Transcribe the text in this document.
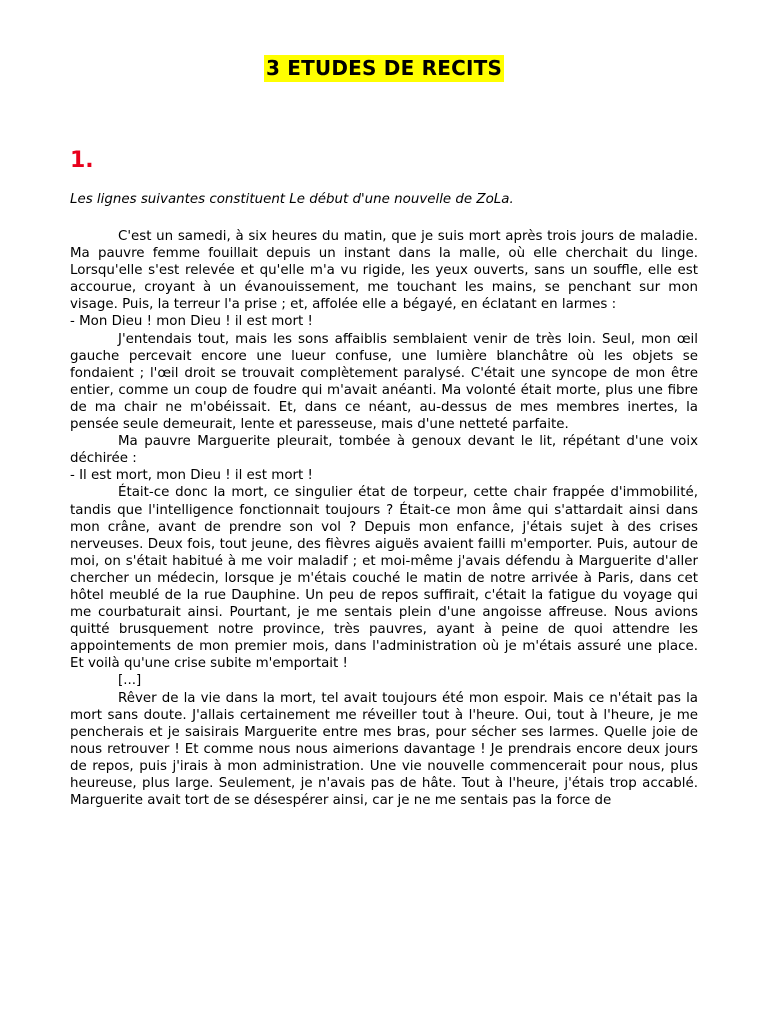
3 ETUDES DE RECITS
1.
Les lignes suivantes constituent Le début d'une nouvelle de ZoLa.

C'est un samedi, à six heures du matin, que je suis mort après trois jours de maladie. Ma pauvre femme fouillait depuis un instant dans la malle, où elle cherchait du linge. Lorsqu'elle s'est relevée et qu'elle m'a vu rigide, les yeux ouverts, sans un souffle, elle est accourue, croyant à un évanouissement, me touchant les mains, se penchant sur mon visage. Puis, la terreur l'a prise ; et, affolée elle a bégayé, en éclatant en larmes :

- Mon Dieu ! mon Dieu ! il est mort !

J'entendais tout, mais les sons affaiblis semblaient venir de très loin. Seul, mon œil gauche percevait encore une lueur confuse, une lumière blanchâtre où les objets se fondaient ; l'œil droit se trouvait complètement paralysé. C'était une syncope de mon être entier, comme un coup de foudre qui m'avait anéanti. Ma volonté était morte, plus une fibre de ma chair ne m'obéissait. Et, dans ce néant, au-dessus de mes membres inertes, la pensée seule demeurait, lente et paresseuse, mais d'une netteté parfaite.

Ma pauvre Marguerite pleurait, tombée à genoux devant le lit, répétant d'une voix déchirée :

- Il est mort, mon Dieu ! il est mort !

Était-ce donc la mort, ce singulier état de torpeur, cette chair frappée d'immobilité, tandis que l'intelligence fonctionnait toujours ? Était-ce mon âme qui s'attardait ainsi dans mon crâne, avant de prendre son vol ? Depuis mon enfance, j'étais sujet à des crises nerveuses. Deux fois, tout jeune, des fièvres aiguës avaient failli m'emporter. Puis, autour de moi, on s'était habitué à me voir maladif ; et moi-même j'avais défendu à Marguerite d'aller chercher un médecin, lorsque je m'étais couché le matin de notre arrivée à Paris, dans cet hôtel meublé de la rue Dauphine. Un peu de repos suffirait, c'était la fatigue du voyage qui me courbaturait ainsi. Pourtant, je me sentais plein d'une angoisse affreuse. Nous avions quitté brusquement notre province, très pauvres, ayant à peine de quoi attendre les appointements de mon premier mois, dans l'administration où je m'étais assuré une place. Et voilà qu'une crise subite m'emportait !

[...]

Rêver de la vie dans la mort, tel avait toujours été mon espoir. Mais ce n'était pas la mort sans doute. J'allais certainement me réveiller tout à l'heure. Oui, tout à l'heure, je me pencherais et je saisirais Marguerite entre mes bras, pour sécher ses larmes. Quelle joie de nous retrouver ! Et comme nous nous aimerions davantage ! Je prendrais encore deux jours de repos, puis j'irais à mon administration. Une vie nouvelle commencerait pour nous, plus heureuse, plus large. Seulement, je n'avais pas de hâte. Tout à l'heure, j'étais trop accablé. Marguerite avait tort de se désespérer ainsi, car je ne me sentais pas la force de
